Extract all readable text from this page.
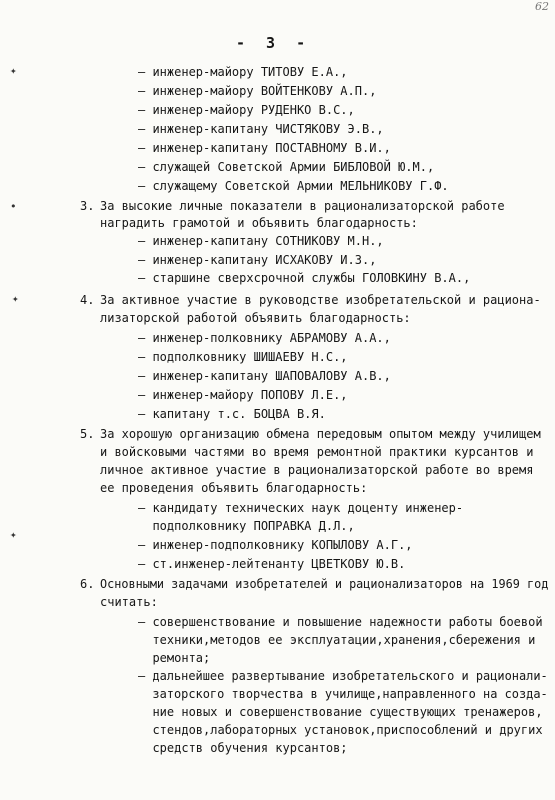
62
- 3 -
✦
•
✦
✦
– инженер-майору ТИТОВУ Е.А.,
– инженер-майору ВОЙТЕНКОВУ А.П.,
– инженер-майору РУДЕНКО В.С.,
– инженер-капитану ЧИСТЯКОВУ Э.В.,
– инженер-капитану ПОСТАВНОМУ В.И.,
– служащей Советской Армии БИБЛОВОЙ Ю.М.,
– служащему Советской Армии МЕЛЬНИКОВУ Г.Ф.
3. За высокие личные показатели в рационализаторской работе
наградить грамотой и объявить благодарность:
– инженер-капитану СОТНИКОВУ М.Н.,
– инженер-капитану ИСХАКОВУ И.З.,
– старшине сверхсрочной службы ГОЛОВКИНУ В.А.,
4. За активное участие в руководстве изобретательской и рациона-
лизаторской работой объявить благодарность:
– инженер-полковнику АБРАМОВУ А.А.,
– подполковнику ШИШАЕВУ Н.С.,
– инженер-капитану ШАПОВАЛОВУ А.В.,
– инженер-майору ПОПОВУ Л.Е.,
– капитану т.с. БОЦВА В.Я.
5. За хорошую организацию обмена передовым опытом между училищем
и войсковыми частями во время ремонтной практики курсантов и
личное активное участие в рационализаторской работе во время
ее проведения объявить благодарность:
– кандидату технических наук доценту инженер-
подполковнику ПОПРАВКА Д.Л.,
– инженер-подполковнику КОПЫЛОВУ А.Г.,
– ст.инженер-лейтенанту ЦВЕТКОВУ Ю.В.
6. Основными задачами изобретателей и рационализаторов на 1969 год
считать:
– совершенствование и повышение надежности работы боевой
техники,методов ее эксплуатации,хранения,сбережения и
ремонта;
– дальнейшее развертывание изобретательского и рационали-
заторского творчества в училище,направленного на созда-
ние новых и совершенствование существующих тренажеров,
стендов,лабораторных установок,приспособлений и других
средств обучения курсантов;
